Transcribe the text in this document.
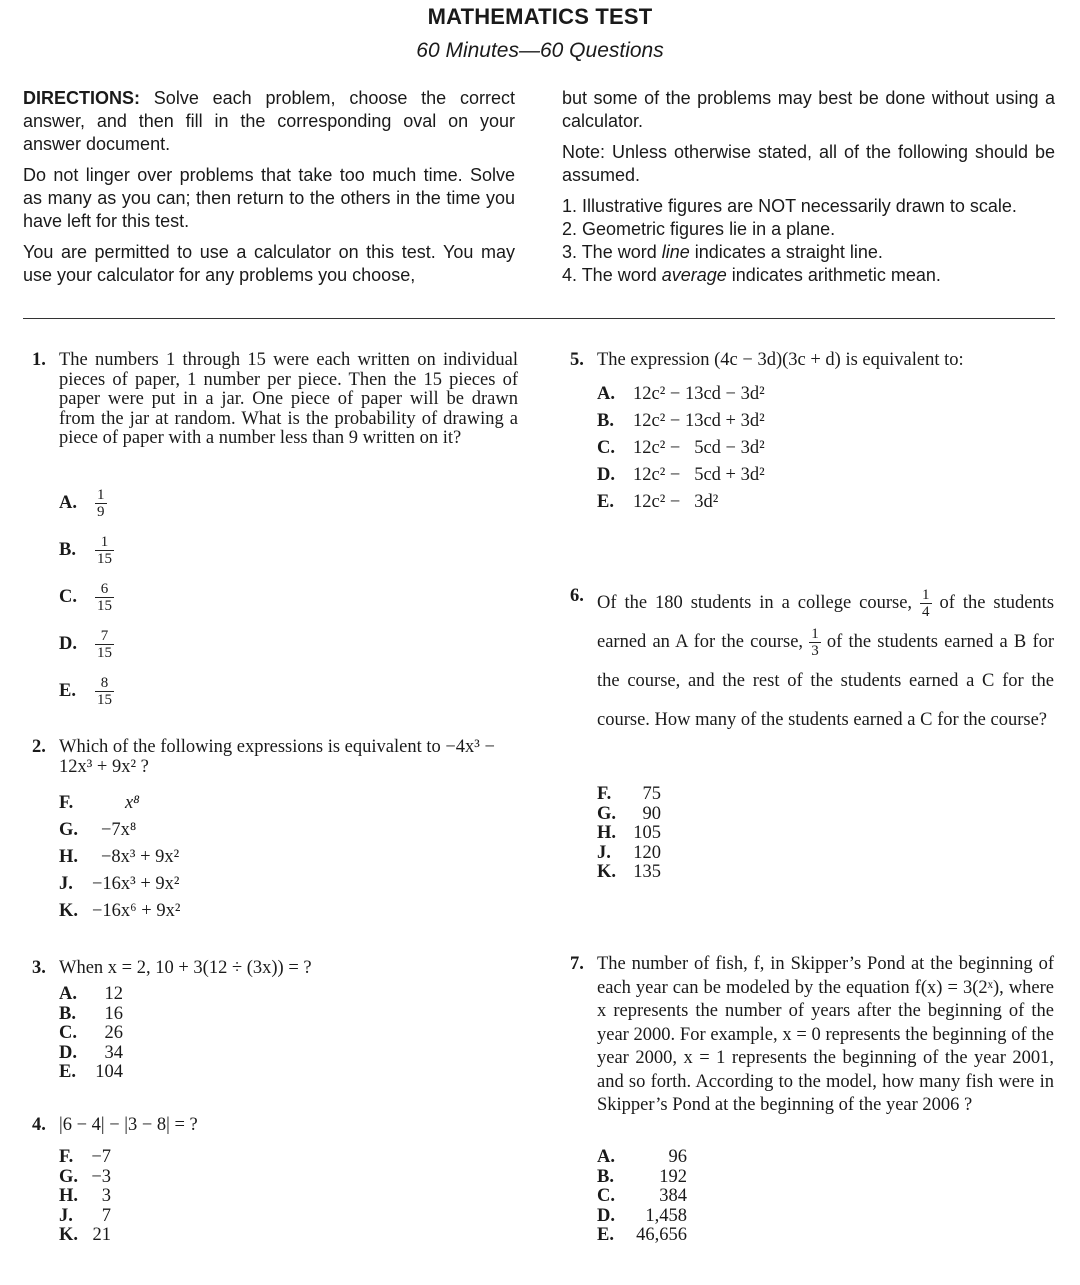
MATHEMATICS TEST
60 Minutes—60 Questions

DIRECTIONS: Solve each problem, choose the correct answer, and then fill in the corresponding oval on your answer document.

Do not linger over problems that take too much time. Solve as many as you can; then return to the others in the time you have left for this test.

You are permitted to use a calculator on this test. You may use your calculator for any problems you choose,

but some of the problems may best be done without using a calculator.

Note: Unless otherwise stated, all of the following should be assumed.

1. Illustrative figures are NOT necessarily drawn to scale.
2. Geometric figures lie in a plane.
3. The word line indicates a straight line.
4. The word average indicates arithmetic mean.
1. The numbers 1 through 15 were each written on individual pieces of paper, 1 number per piece. Then the 15 pieces of paper were put in a jar. One piece of paper will be drawn from the jar at random. What is the probability of drawing a piece of paper with a number less than 9 written on it?
A. $\frac{1}{9}$
B. $\frac{1}{15}$
C. $\frac{6}{15}$
D. $\frac{7}{15}$
E. $\frac{8}{15}$
2. Which of the following expressions is equivalent to −4x³ − 12x³ + 9x² ?
F.	x⁸
G. −7x⁸
H. −8x³ + 9x²
J. −16x³ + 9x²
K. −16x⁶ + 9x²
3. When x = 2, 10 + 3(12 ÷ (3x)) = ?
A. 12
B. 16
C. 26
D. 34
E. 104
4. |6 − 4| − |3 − 8| = ?
F. −7
G. −3
H. 3
J. 7
K. 21
5. The expression (4c − 3d)(3c + d) is equivalent to:
A. 12c² − 13cd − 3d²
B. 12c² − 13cd + 3d²
C. 12c² −   5cd − 3d²
D. 12c² −   5cd + 3d²
E. 12c² −   3d²
6. Of the 180 students in a college course, $\frac{1}{4}$ of the students earned an A for the course, $\frac{1}{3}$ of the students earned a B for the course, and the rest of the students earned a C for the course. How many of the students earned a C for the course?
F. 75
G. 90
H. 105
J. 120
K. 135
7. The number of fish, f, in Skipper’s Pond at the beginning of each year can be modeled by the equation f(x) = 3(2ˣ), where x represents the number of years after the beginning of the year 2000. For example, x = 0 represents the beginning of the year 2000, x = 1 represents the beginning of the year 2001, and so forth. According to the model, how many fish were in Skipper’s Pond at the beginning of the year 2006 ?
A.	96
B. 192
C. 384
D. 1,458
E. 46,656
